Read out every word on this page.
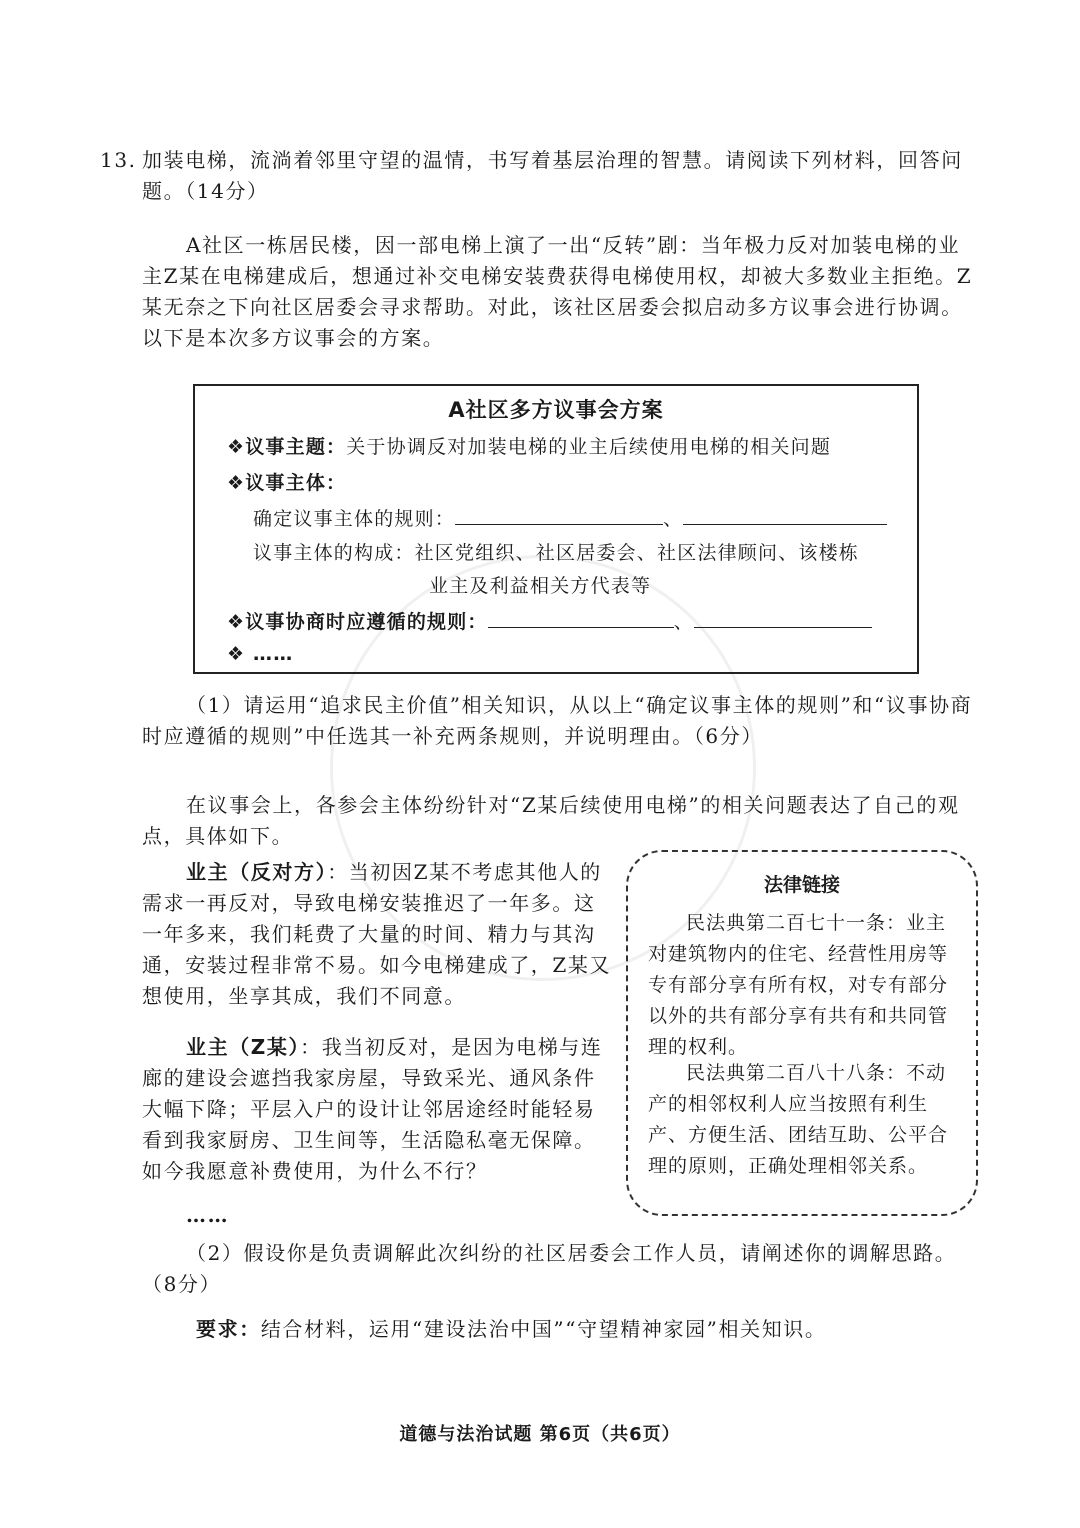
13. 加装电梯，流淌着邻里守望的温情，书写着基层治理的智慧。请阅读下列材料，回答问题。（14分）
A社区一栋居民楼，因一部电梯上演了一出“反转”剧：当年极力反对加装电梯的业主Z某在电梯建成后，想通过补交电梯安装费获得电梯使用权，却被大多数业主拒绝。Z某无奈之下向社区居委会寻求帮助。对此，该社区居委会拟启动多方议事会进行协调。以下是本次多方议事会的方案。
A社区多方议事会方案
❖议事主题：关于协调反对加装电梯的业主后续使用电梯的相关问题
❖议事主体：
确定议事主体的规则：	、
议事主体的构成：社区党组织、社区居委会、社区法律顾问、该楼栋
业主及利益相关方代表等
❖议事协商时应遵循的规则：	、
❖ ……
（1）请运用“追求民主价值”相关知识，从以上“确定议事主体的规则”和“议事协商时应遵循的规则”中任选其一补充两条规则，并说明理由。（6分）
在议事会上，各参会主体纷纷针对“Z某后续使用电梯”的相关问题表达了自己的观点，具体如下。
业主（反对方）：当初因Z某不考虑其他人的需求一再反对，导致电梯安装推迟了一年多。这一年多来，我们耗费了大量的时间、精力与其沟通，安装过程非常不易。如今电梯建成了，Z某又想使用，坐享其成，我们不同意。
业主（Z某）：我当初反对，是因为电梯与连廊的建设会遮挡我家房屋，导致采光、通风条件大幅下降；平层入户的设计让邻居途经时能轻易看到我家厨房、卫生间等，生活隐私毫无保障。如今我愿意补费使用，为什么不行？
……
法律链接
民法典第二百七十一条：业主对建筑物内的住宅、经营性用房等专有部分享有所有权，对专有部分以外的共有部分享有共有和共同管理的权利。
民法典第二百八十八条：不动产的相邻权利人应当按照有利生产、方便生活、团结互助、公平合理的原则，正确处理相邻关系。
（2）假设你是负责调解此次纠纷的社区居委会工作人员，请阐述你的调解思路。（8分）
要求：结合材料，运用“建设法治中国”“守望精神家园”相关知识。
道德与法治试题 第6页（共6页）
